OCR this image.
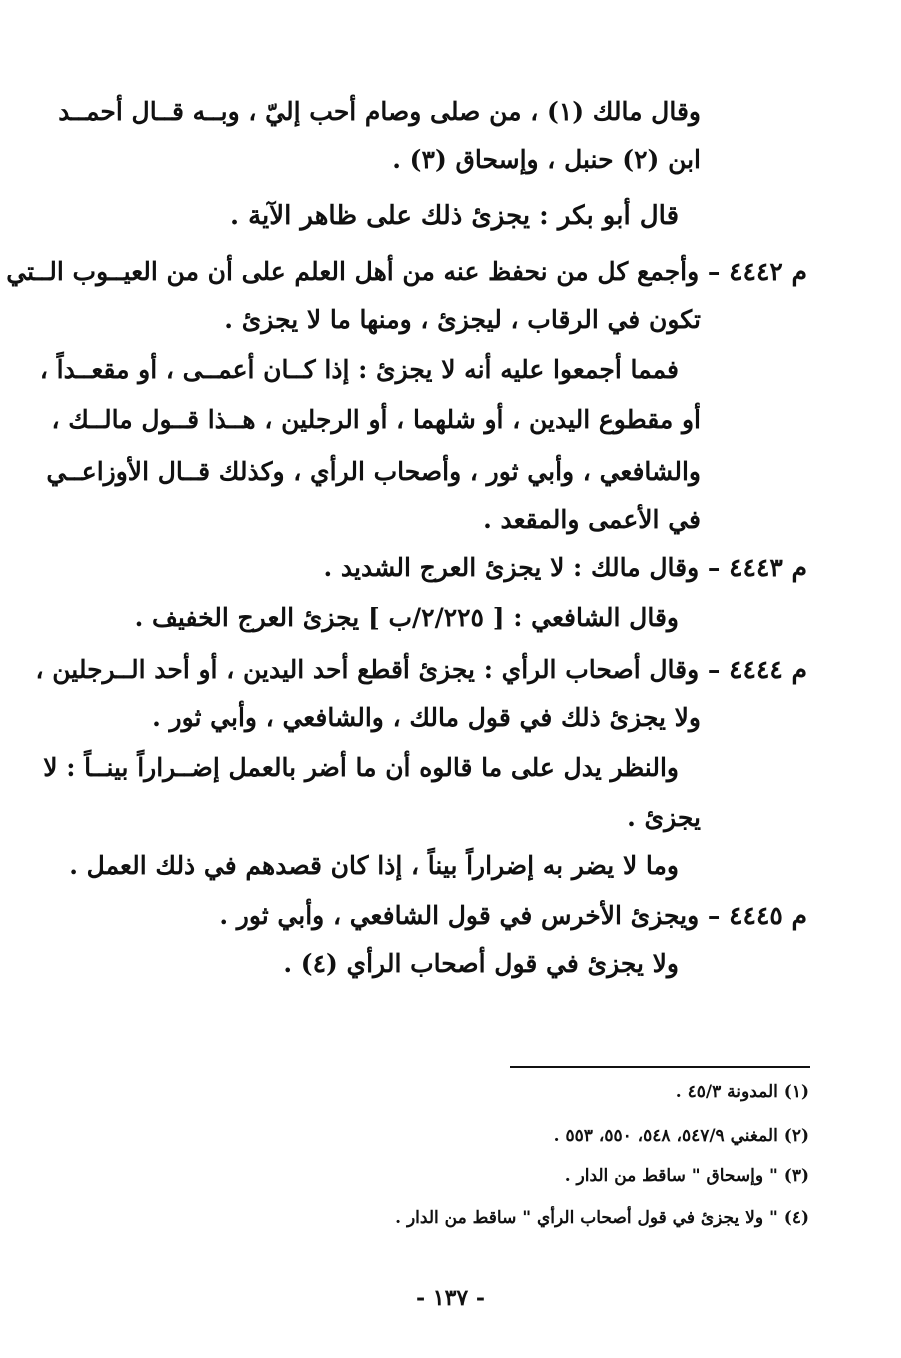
وقال مالك (١) ، من صلى وصام أحب إليّ ، وبــه قــال أحمــد
ابن (٢) حنبل ، وإسحاق (٣) .
قال أبو بكر : يجزئ ذلك على ظاهر الآية .
م ٤٤٤٢ – وأجمع كل من نحفظ عنه من أهل العلم على أن من العيــوب الــتي
تكون في الرقاب ، ليجزئ ، ومنها ما لا يجزئ .
فمما أجمعوا عليه أنه لا يجزئ : إذا كــان أعمــى ، أو مقعــداً ،
أو مقطوع اليدين ، أو شلهما ، أو الرجلين ، هــذا قــول مالــك ،
والشافعي ، وأبي ثور ، وأصحاب الرأي ، وكذلك قــال الأوزاعــي
في الأعمى والمقعد .
م ٤٤٤٣ – وقال مالك : لا يجزئ العرج الشديد .
وقال الشافعي : [ ٢/٢٢٥/ب ] يجزئ العرج الخفيف .
م ٤٤٤٤ – وقال أصحاب الرأي : يجزئ أقطع أحد اليدين ، أو أحد الــرجلين ،
ولا يجزئ ذلك في قول مالك ، والشافعي ، وأبي ثور .
والنظر يدل على ما قالوه أن ما أضر بالعمل إضــراراً بينــاً : لا
يجزئ .
وما لا يضر به إضراراً بيناً ، إذا كان قصدهم في ذلك العمل .
م ٤٤٤٥ – ويجزئ الأخرس في قول الشافعي ، وأبي ثور .
ولا يجزئ في قول أصحاب الرأي (٤) .
(١) المدونة ٤٥/٣ .
(٢) المغني ٥٤٧/٩، ٥٤٨، ٥٥٠، ٥٥٣ .
(٣) " وإسحاق " ساقط من الدار .
(٤) " ولا يجزئ في قول أصحاب الرأي " ساقط من الدار .
- ١٣٧ -
